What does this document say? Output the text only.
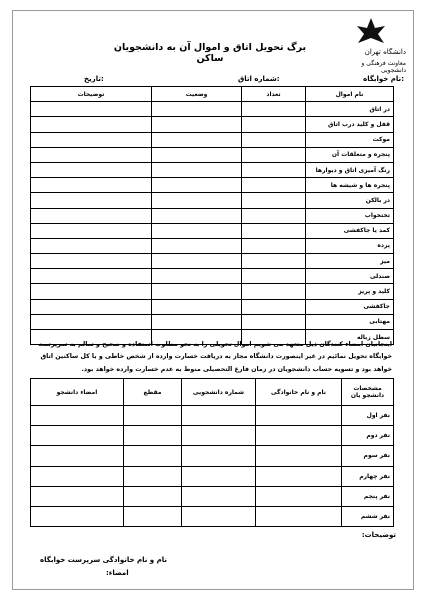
دانشگاه تهران
معاونت فرهنگی و دانشجویی
برگ تحویل اتاق و اموال آن به دانشجویان ساکن
نام خوابگاه:
شماره اتاق:
تاریخ:
نام اموال	تعداد	وضعیت	توضیحات
در اتاق			
قفل و کلید درب اتاق			
موکت			
پنجره و متعلقات آن			
رنگ آمیزی اتاق و دیوارها			
پنجره ها و شیشه ها			
در بالکن			
تختخواب			
کمد یا جاکفشی			
پرده			
میز			
صندلی			
کلید و پریز			
جاکفشی			
مهتابی			
سطل زباله			
اینجانبان امضاء کنندگان ذیل متعهد می شویم اموال تحویلی را به نحو مطلوب استفاده و صحیح و سالم به سرپرست خوابگاه تحویل نمائیم در غیر اینصورت دانشگاه مجاز به دریافت خسارت وارده از شخص خاطی و یا کل ساکنین اتاق خواهد بود و تسویه حساب دانشجویان در زمان فارغ التحصیلی منوط به عدم خسارت وارده خواهد بود.
مشخصات دانشجو یان	نام و نام خانوادگی	شماره دانشجویی	مقطع	امضاء دانشجو
نفر اول				
نفر دوم				
نفر سوم				
نفر چهارم				
نفر پنجم				
نفر ششم				
توضیحات:
نام و نام خانوادگی سرپرست خوابگاه
امضاء:
